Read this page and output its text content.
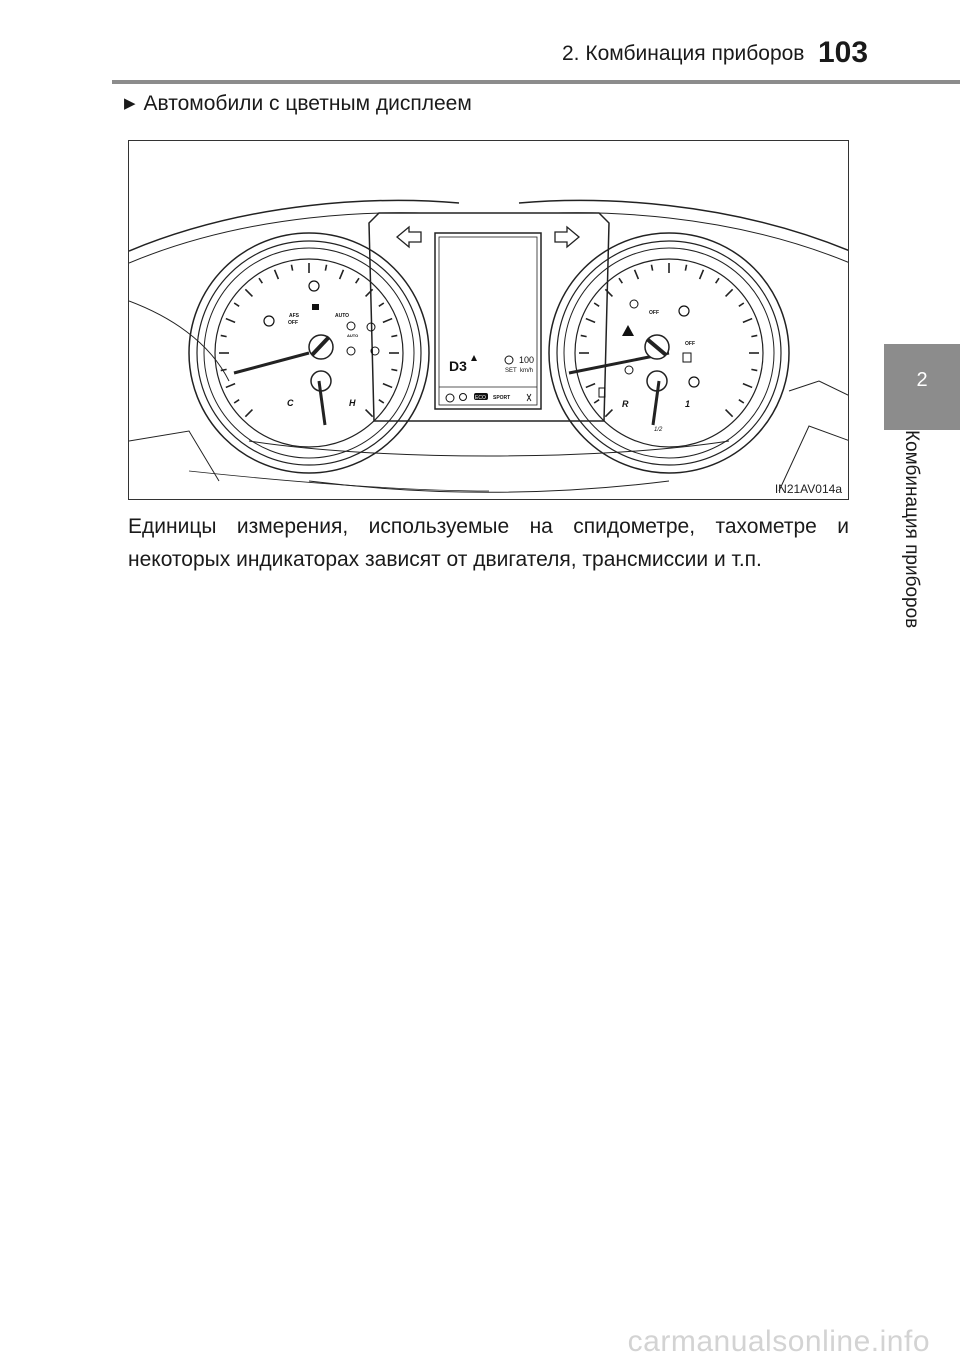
2. Комбинация приборов 103
2
Комбинация приборов
▶ Автомобили с цветным дисплеем
D3	100
SET km/h
ECO SPORT
C	H
AFS
OFF
AUTO
AUTO
R	1
1/2
OFF
OFF
IN21AV014a
Единицы измерения, используемые на спидометре, тахометре и некоторых индикаторах зависят от двигателя, трансмиссии и т.п.
carmanualsonline.info
